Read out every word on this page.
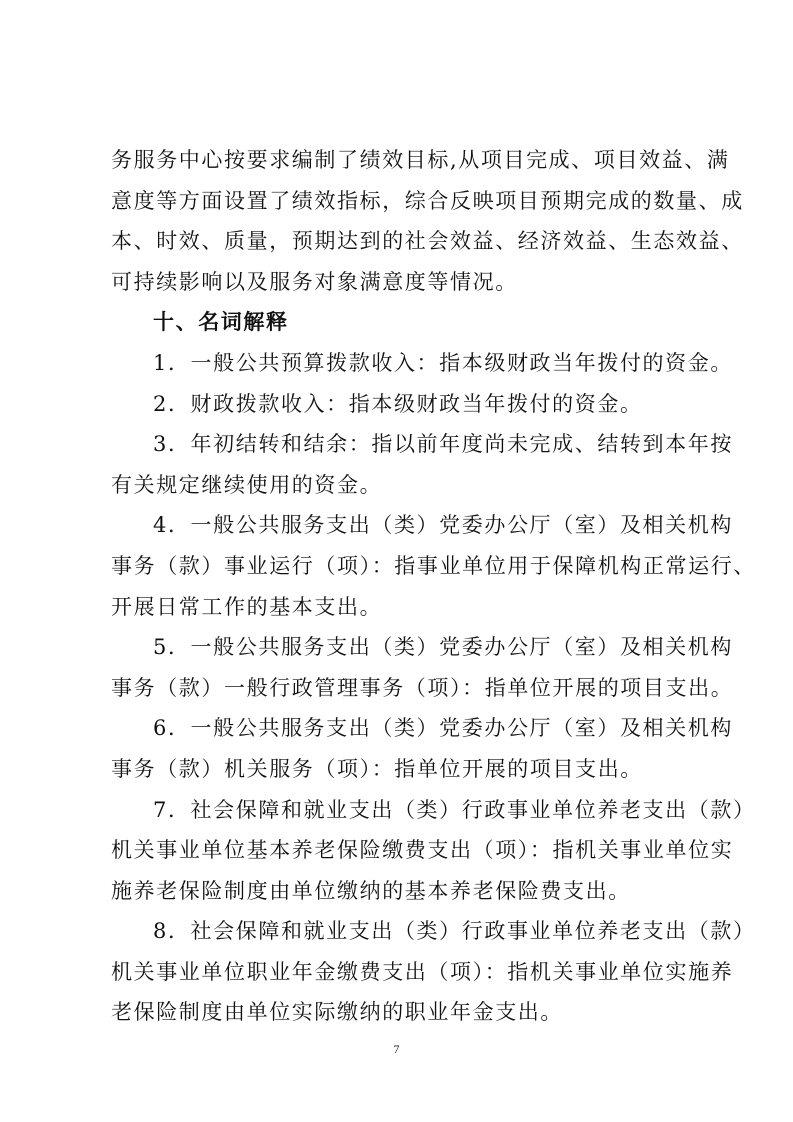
务服务中心按要求编制了绩效目标,从项目完成、项目效益、满
意度等方面设置了绩效指标，综合反映项目预期完成的数量、成
本、时效、质量，预期达到的社会效益、经济效益、生态效益、
可持续影响以及服务对象满意度等情况。
十、名词解释
1．一般公共预算拨款收入：指本级财政当年拨付的资金。
2．财政拨款收入：指本级财政当年拨付的资金。
3．年初结转和结余：指以前年度尚未完成、结转到本年按
有关规定继续使用的资金。
4．一般公共服务支出（类）党委办公厅（室）及相关机构
事务（款）事业运行（项）：指事业单位用于保障机构正常运行、
开展日常工作的基本支出。
5．一般公共服务支出（类）党委办公厅（室）及相关机构
事务（款）一般行政管理事务（项）：指单位开展的项目支出。
6．一般公共服务支出（类）党委办公厅（室）及相关机构
事务（款）机关服务（项）：指单位开展的项目支出。
7．社会保障和就业支出（类）行政事业单位养老支出（款）
机关事业单位基本养老保险缴费支出（项）：指机关事业单位实
施养老保险制度由单位缴纳的基本养老保险费支出。
8．社会保障和就业支出（类）行政事业单位养老支出（款）
机关事业单位职业年金缴费支出（项）：指机关事业单位实施养
老保险制度由单位实际缴纳的职业年金支出。
7
